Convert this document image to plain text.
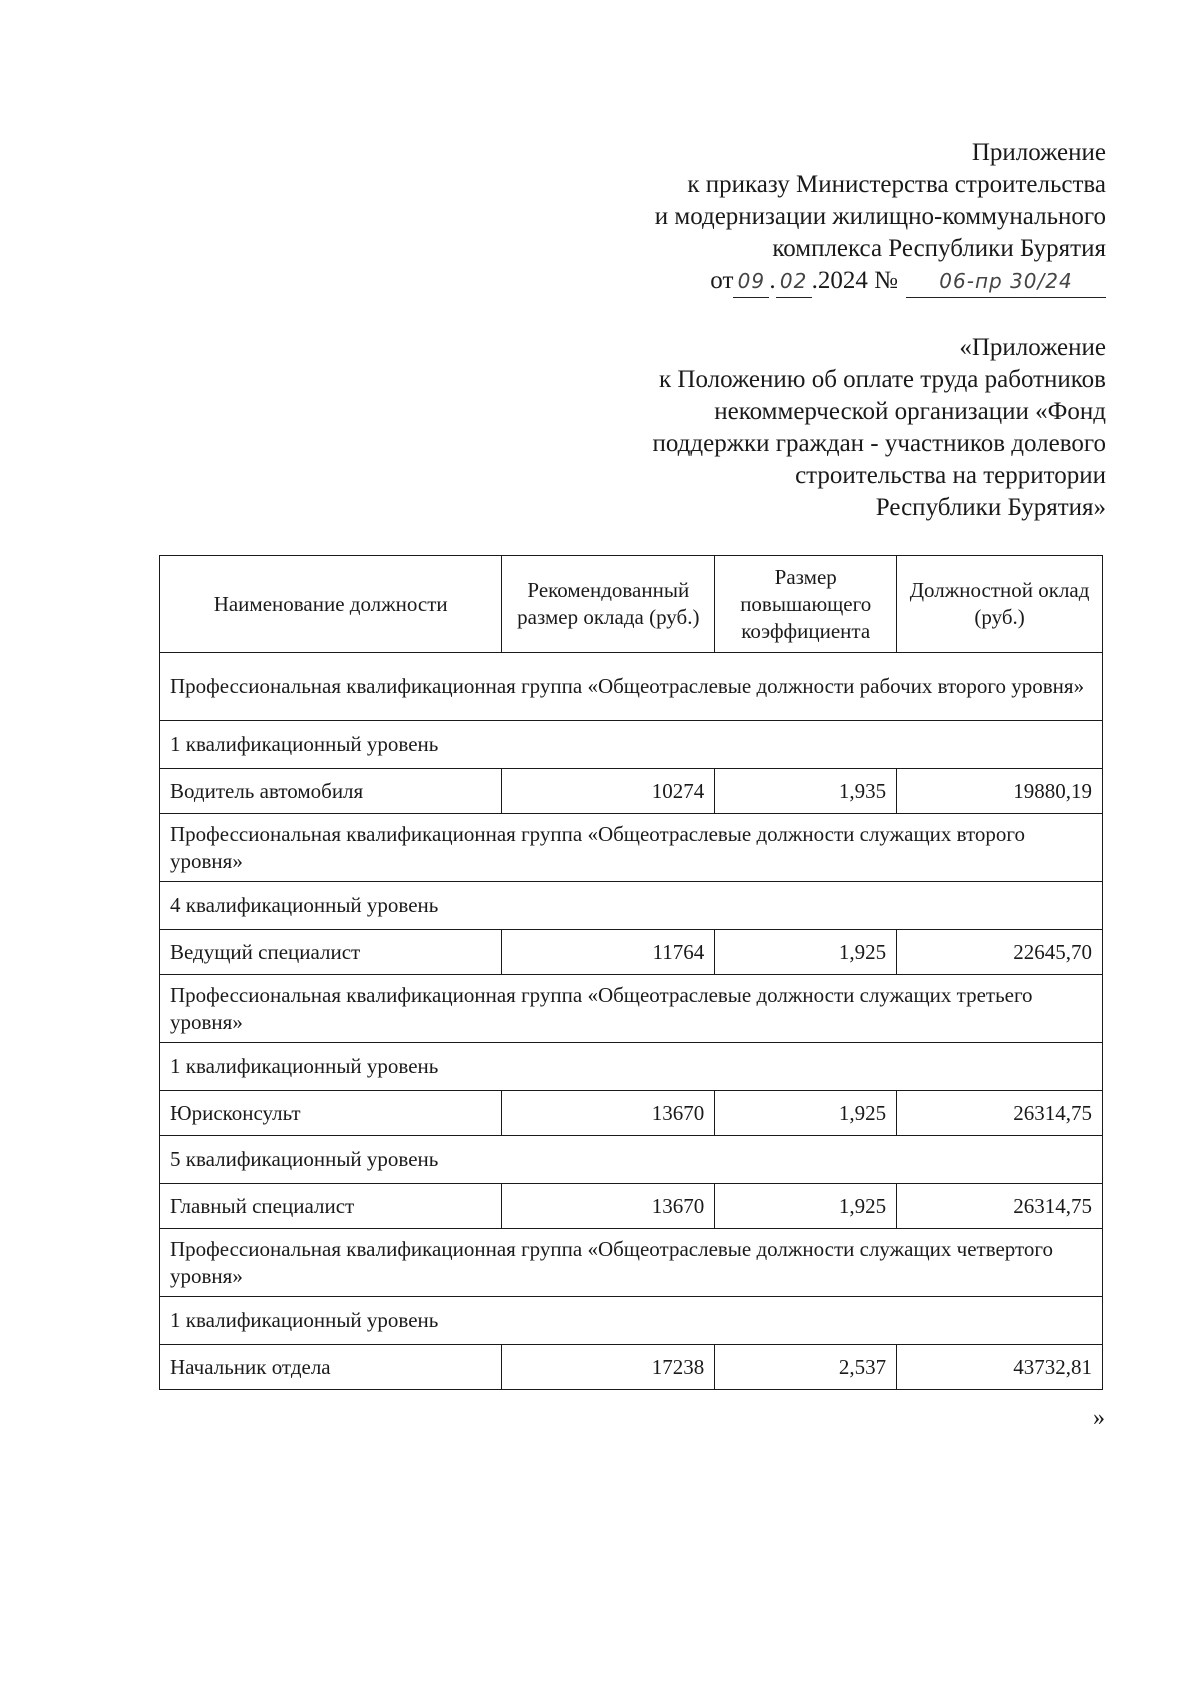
Приложение
к приказу Министерства строительства
и модернизации жилищно-коммунального
комплекса Республики Бурятия
от 09 . 02 .2024 №	06-пр 30/24
«Приложение
к Положению об оплате труда работников
некоммерческой организации «Фонд
поддержки граждан - участников долевого
строительства на территории
Республики Бурятия»
Наименование должности	Рекомендованный размер оклада (руб.)	Размер повышающего коэффициента	Должностной оклад (руб.)
Профессиональная квалификационная группа «Общеотраслевые должности рабочих второго уровня»			
1 квалификационный уровень			
Водитель автомобиля	10274	1,935	19880,19
Профессиональная квалификационная группа «Общеотраслевые должности служащих второго уровня»			
4 квалификационный уровень			
Ведущий специалист	11764	1,925	22645,70
Профессиональная квалификационная группа «Общеотраслевые должности служащих третьего уровня»			
1 квалификационный уровень			
Юрисконсульт	13670	1,925	26314,75
5 квалификационный уровень			
Главный специалист	13670	1,925	26314,75
Профессиональная квалификационная группа «Общеотраслевые должности служащих четвертого уровня»			
1 квалификационный уровень			
Начальник отдела	17238	2,537	43732,81
»
